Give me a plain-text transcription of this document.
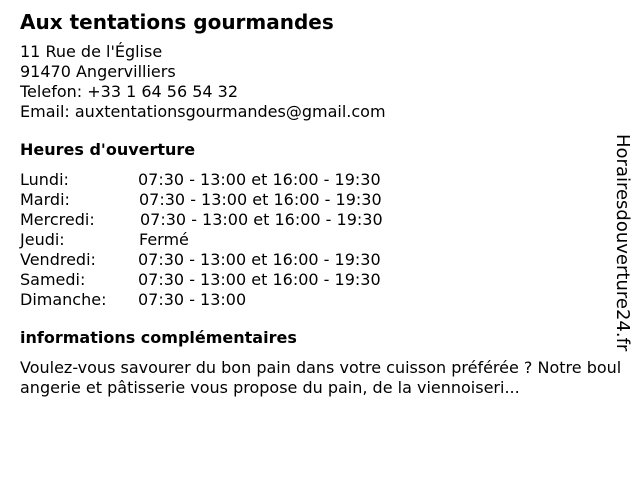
Aux tentations gourmandes
11 Rue de l'Église
91470 Angervilliers
Telefon: +33 1 64 56 54 32
Email: auxtentationsgourmandes@gmail.com
Heures d'ouverture
Lundi:	07:30 - 13:00 et 16:00 - 19:30
Mardi:	07:30 - 13:00 et 16:00 - 19:30
Mercredi:	07:30 - 13:00 et 16:00 - 19:30
Jeudi:	Fermé
Vendredi:	07:30 - 13:00 et 16:00 - 19:30
Samedi:	07:30 - 13:00 et 16:00 - 19:30
Dimanche:	07:30 - 13:00
informations complémentaires
Voulez-vous savourer du bon pain dans votre cuisson préférée ? Notre boulangerie et pâtisserie vous propose du pain, de la viennoiseri...
Horairesdouverture24.fr
